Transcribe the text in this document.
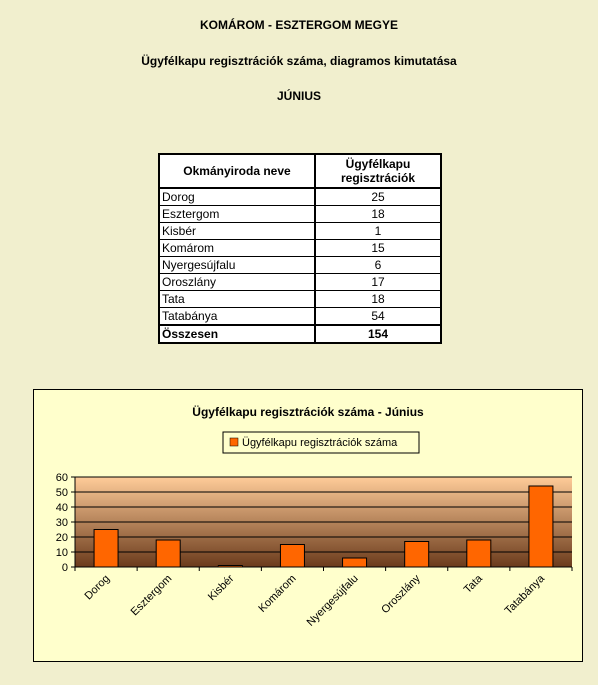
KOMÁROM - ESZTERGOM MEGYE
Ügyfélkapu regisztrációk száma, diagramos kimutatása
JÚNIUS
Okmányiroda neve	Ügyfélkapu regisztrációk
Dorog	25
Esztergom	18
Kisbér	1
Komárom	15
Nyergesújfalu	6
Oroszlány	17
Tata	18
Tatabánya	54
Összesen	154
Ügyfélkapu regisztrációk száma - Június
Ügyfélkapu regisztrációk száma
0
10
20
30
40
50
60
Dorog Esztergom	Kisbér Komárom Nyergesújfalu Oroszlány	Tata Tatabánya
